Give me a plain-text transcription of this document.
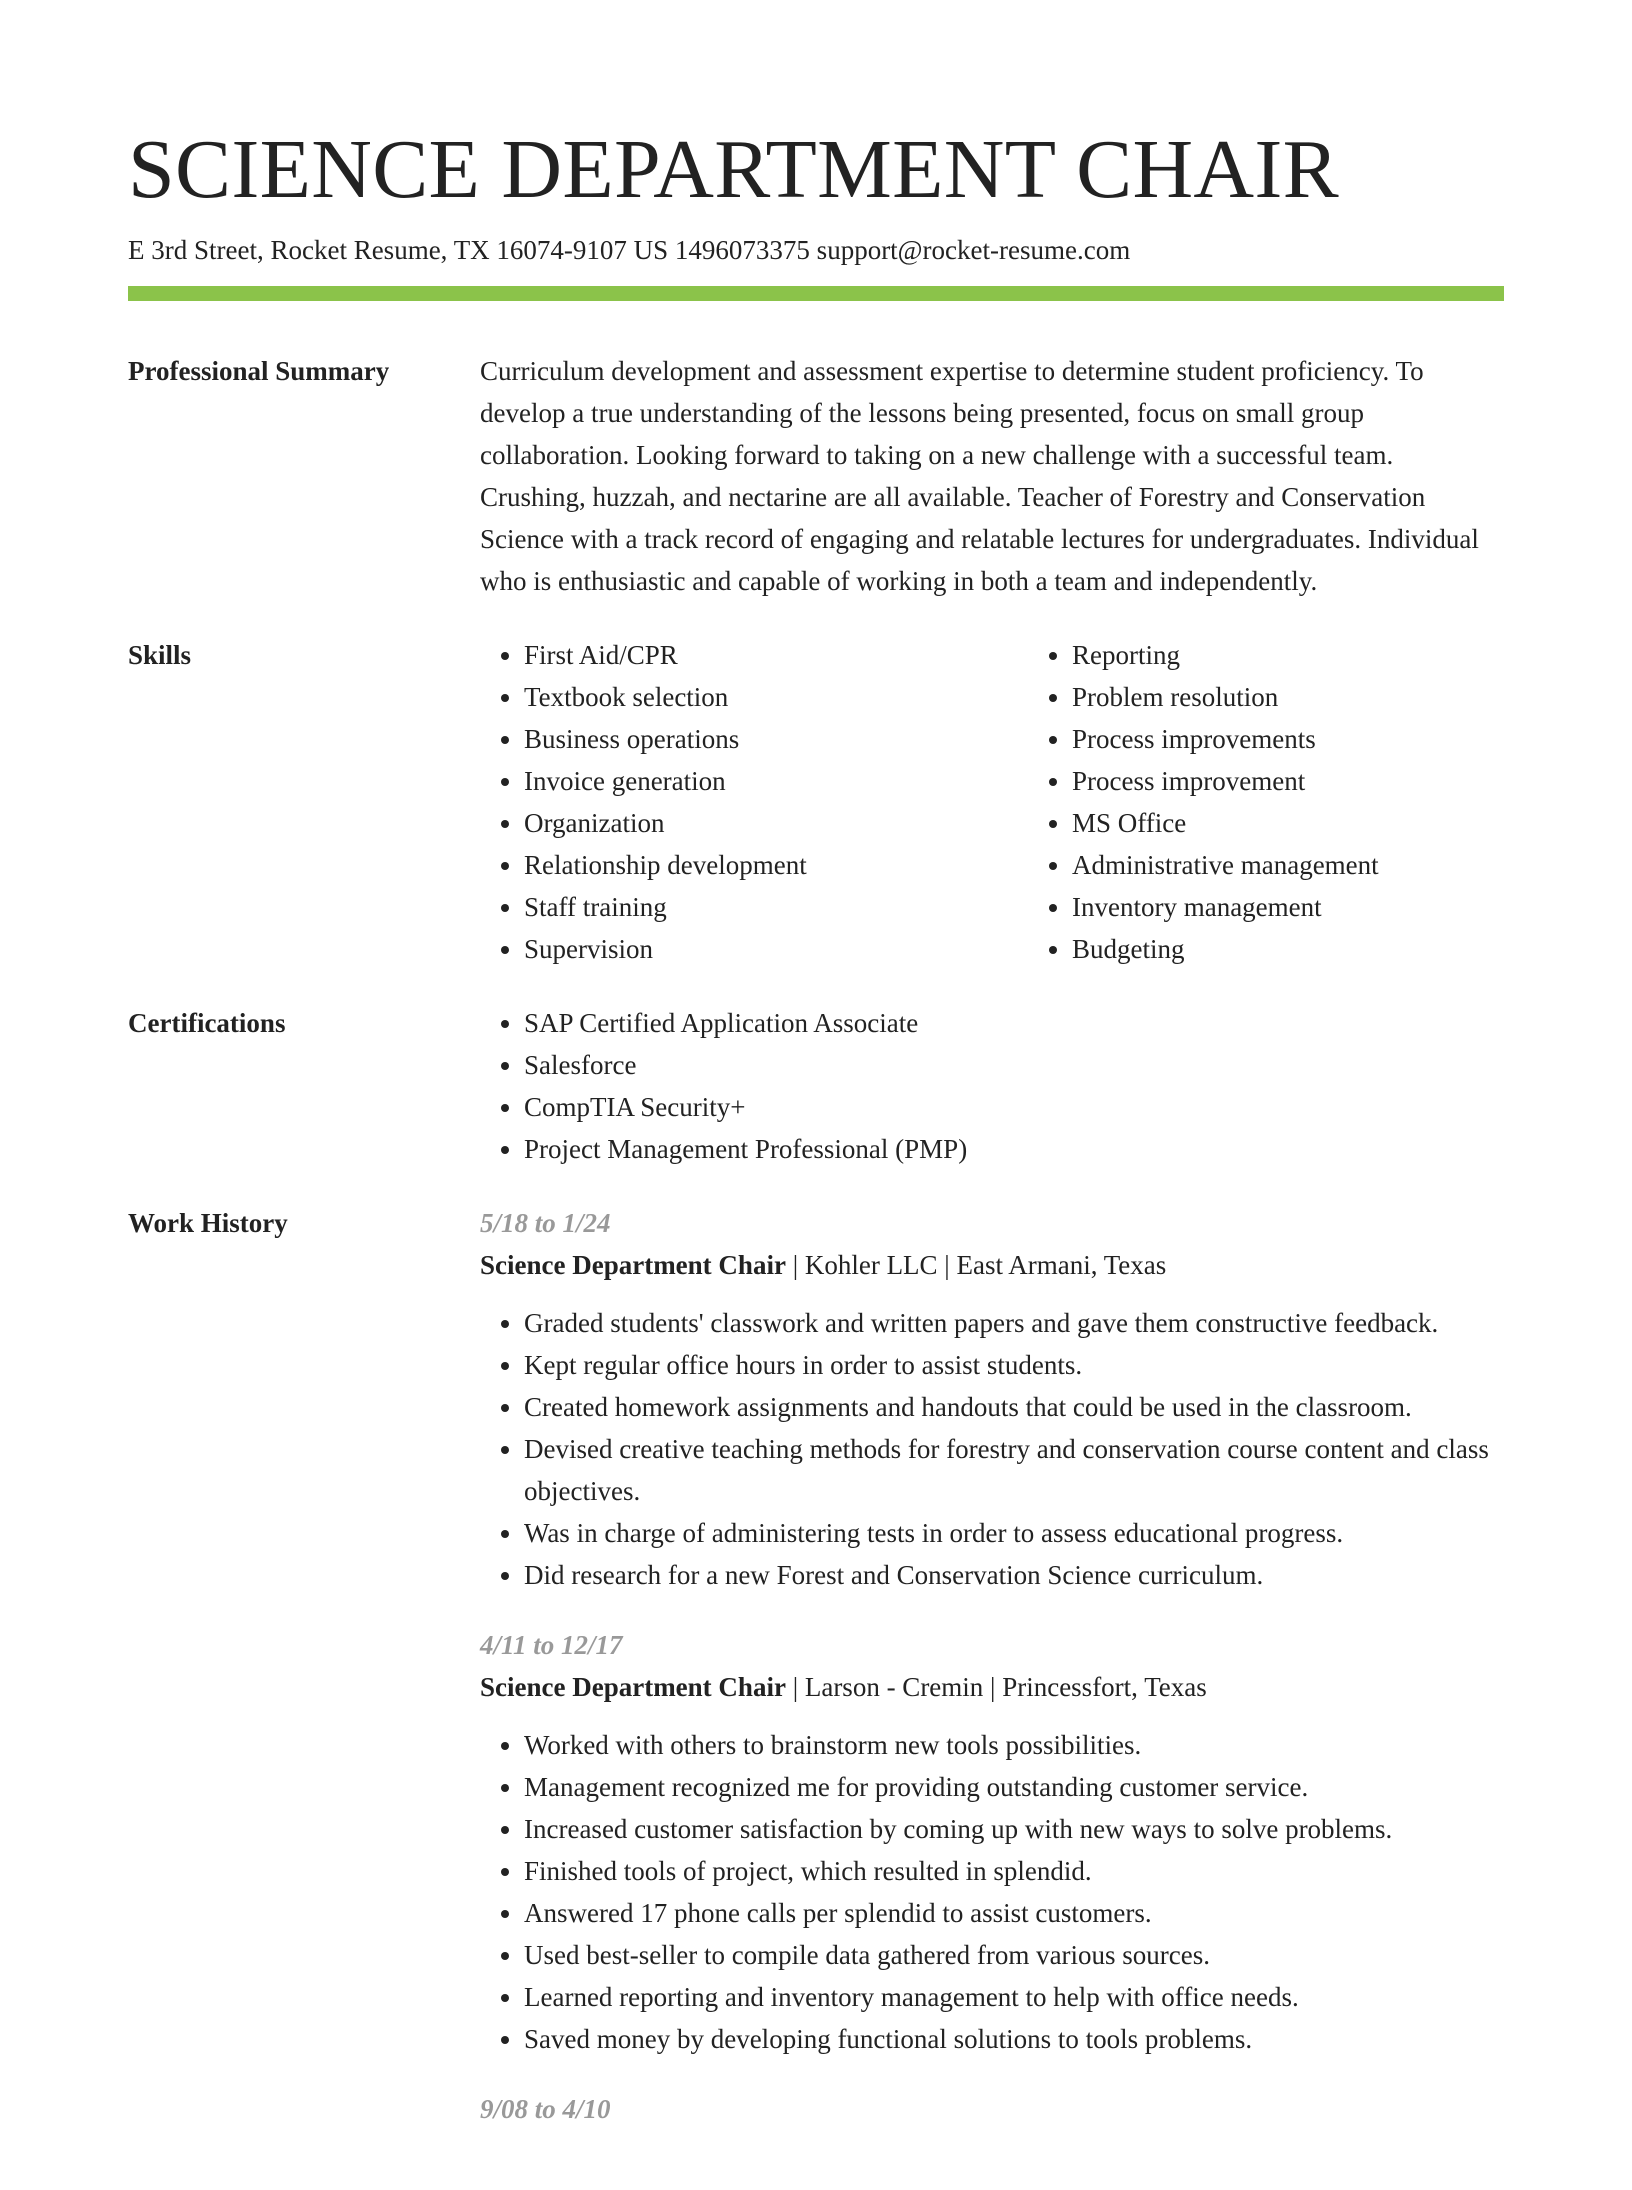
SCIENCE DEPARTMENT CHAIR
E 3rd Street, Rocket Resume, TX 16074-9107 US 1496073375 support@rocket-resume.com
Professional Summary	Curriculum development and assessment expertise to determine student proficiency. To develop a true understanding of the lessons being presented, focus on small group collaboration. Looking forward to taking on a new challenge with a successful team. Crushing, huzzah, and nectarine are all available. Teacher of Forestry and Conservation Science with a track record of engaging and relatable lectures for undergraduates. Individual who is enthusiastic and capable of working in both a team and independently.

Skills	• First Aid/CPR
• Textbook selection
• Business operations
• Invoice generation
• Organization
• Relationship development
• Staff training
• Supervision
• Reporting
• Problem resolution
• Process improvements
• Process improvement
• MS Office
• Administrative management
• Inventory management
• Budgeting
Certifications	• SAP Certified Application Associate
• Salesforce
• CompTIA Security+
• Project Management Professional (PMP)
Work History	5/18 to 1/24
Science Department Chair | Kohler LLC | East Armani, Texas
• Graded students' classwork and written papers and gave them constructive feedback.
• Kept regular office hours in order to assist students.
• Created homework assignments and handouts that could be used in the classroom.
• Devised creative teaching methods for forestry and conservation course content and class objectives.
• Was in charge of administering tests in order to assess educational progress.
• Did research for a new Forest and Conservation Science curriculum.
4/11 to 12/17
Science Department Chair | Larson - Cremin | Princessfort, Texas
• Worked with others to brainstorm new tools possibilities.
• Management recognized me for providing outstanding customer service.
• Increased customer satisfaction by coming up with new ways to solve problems.
• Finished tools of project, which resulted in splendid.
• Answered 17 phone calls per splendid to assist customers.
• Used best-seller to compile data gathered from various sources.
• Learned reporting and inventory management to help with office needs.
• Saved money by developing functional solutions to tools problems.
9/08 to 4/10
